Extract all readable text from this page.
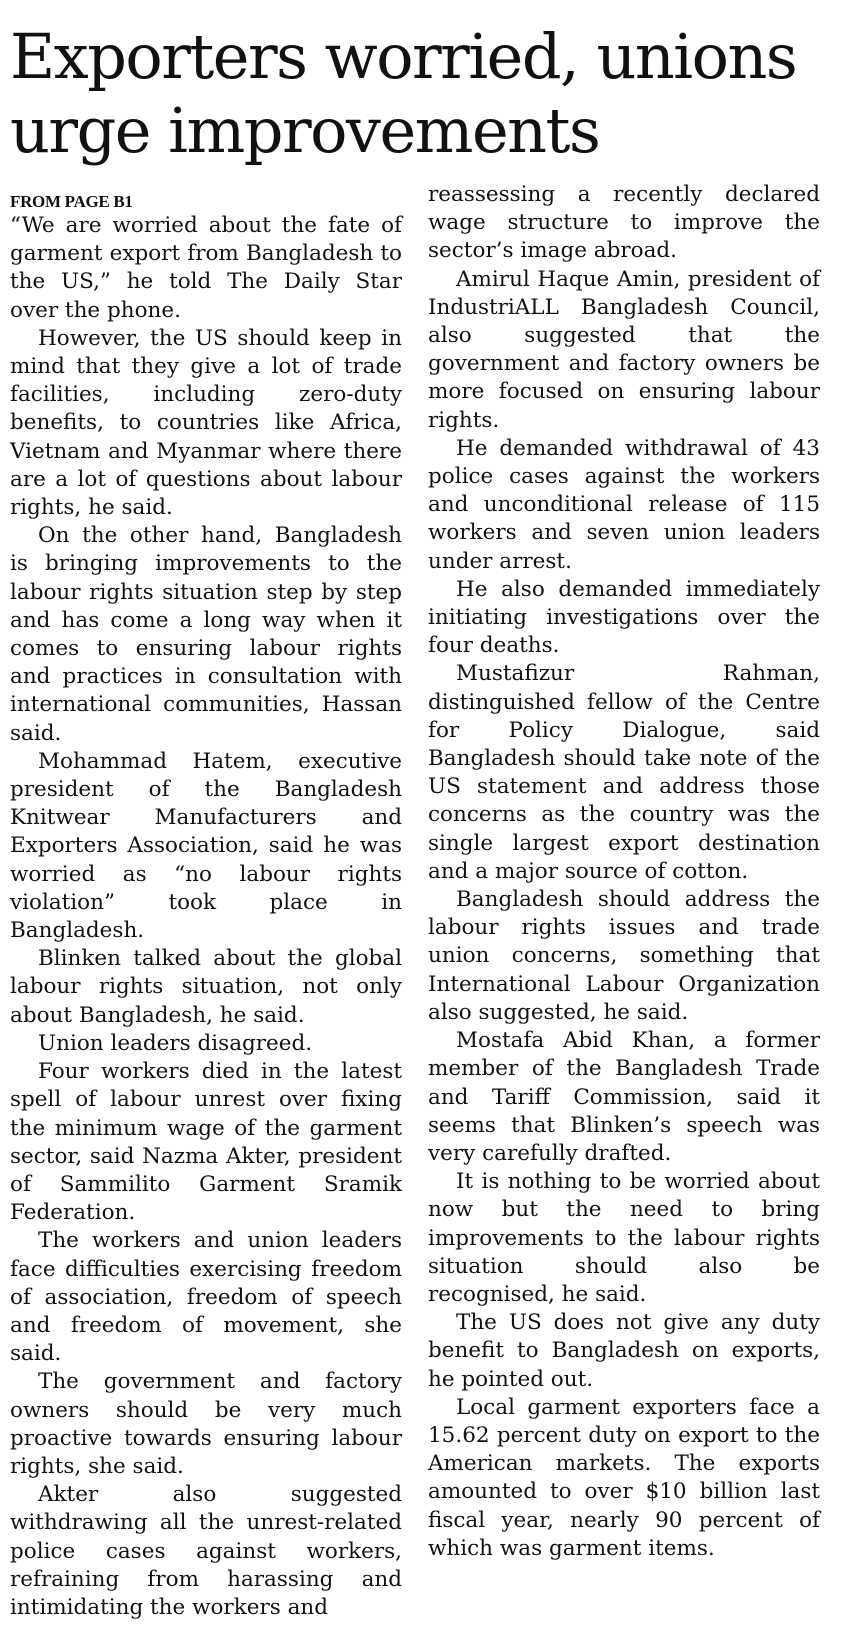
Exporters worried, unions urge improvements
FROM PAGE B1

“We are worried about the fate of garment export from Bangladesh to the US,” he told The Daily Star over the phone.

However, the US should keep in mind that they give a lot of trade facilities, including zero-duty benefits, to countries like Africa, Vietnam and Myanmar where there are a lot of questions about labour rights, he said.

On the other hand, Bangladesh is bringing improvements to the labour rights situation step by step and has come a long way when it comes to ensuring labour rights and practices in consultation with international communities, Hassan said.

Mohammad Hatem, executive president of the Bangladesh Knitwear Manufacturers and Exporters Association, said he was worried as “no labour rights violation” took place in Bangladesh.

Blinken talked about the global labour rights situation, not only about Bangladesh, he said.

Union leaders disagreed.

Four workers died in the latest spell of labour unrest over fixing the minimum wage of the garment sector, said Nazma Akter, president of Sammilito Garment Sramik Federation.

The workers and union leaders face difficulties exercising freedom of association, freedom of speech and freedom of movement, she said.

The government and factory owners should be very much proactive towards ensuring labour rights, she said.

Akter also suggested withdrawing all the unrest-related police cases against workers, refraining from harassing and intimidating the workers and

reassessing a recently declared wage structure to improve the sector’s image abroad.

Amirul Haque Amin, president of IndustriALL Bangladesh Council, also suggested that the government and factory owners be more focused on ensuring labour rights.

He demanded withdrawal of 43 police cases against the workers and unconditional release of 115 workers and seven union leaders under arrest.

He also demanded immediately initiating investigations over the four deaths.

Mustafizur Rahman, distinguished fellow of the Centre for Policy Dialogue, said Bangladesh should take note of the US statement and address those concerns as the country was the single largest export destination and a major source of cotton.

Bangladesh should address the labour rights issues and trade union concerns, something that International Labour Organization also suggested, he said.

Mostafa Abid Khan, a former member of the Bangladesh Trade and Tariff Commission, said it seems that Blinken’s speech was very carefully drafted.

It is nothing to be worried about now but the need to bring improvements to the labour rights situation should also be recognised, he said.

The US does not give any duty benefit to Bangladesh on exports, he pointed out.

Local garment exporters face a 15.62 percent duty on export to the American markets. The exports amounted to over $10 billion last fiscal year, nearly 90 percent of which was garment items.
